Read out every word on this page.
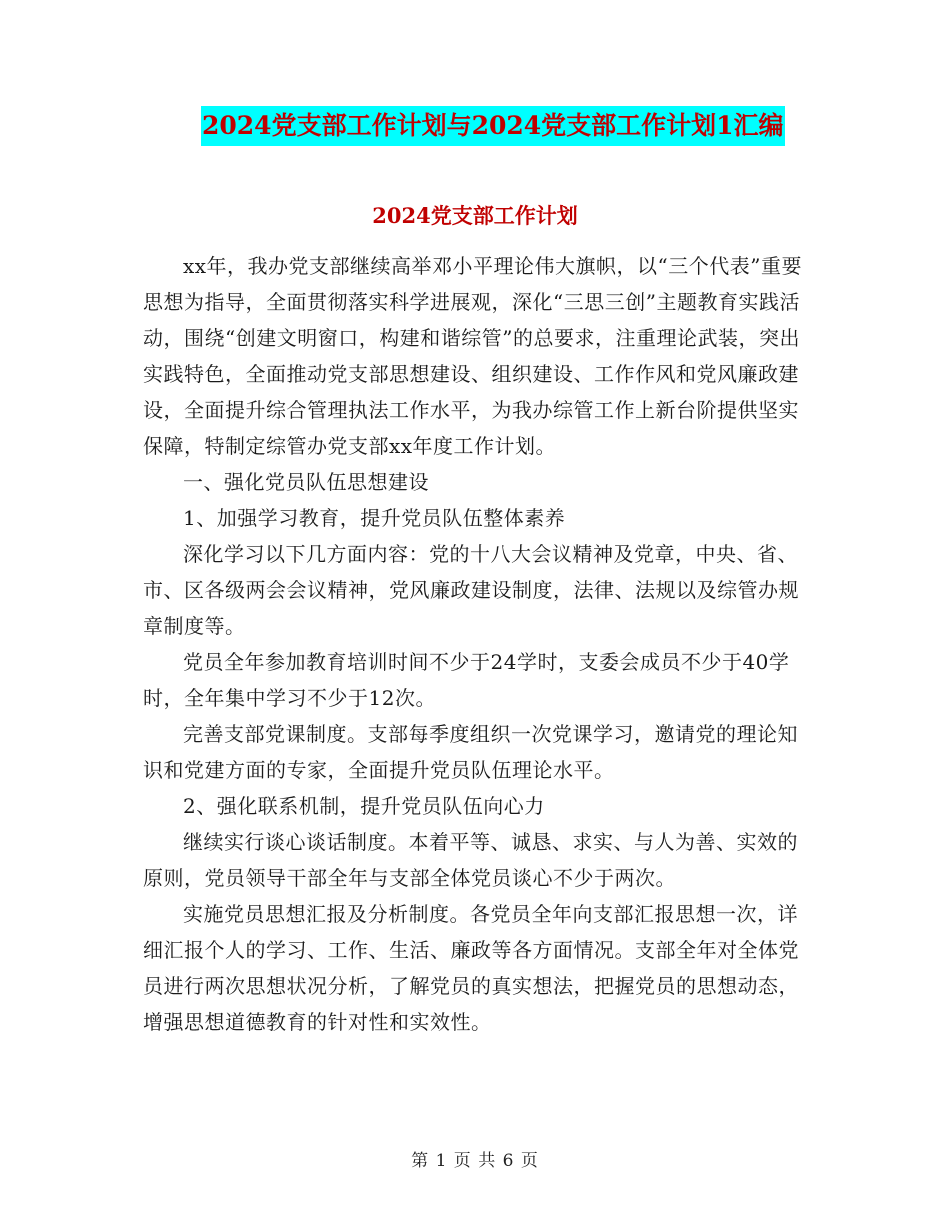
2024党支部工作计划与2024党支部工作计划1汇编
2024党支部工作计划

xx年，我办党支部继续高举邓小平理论伟大旗帜，以“三个代表”重要思想为指导，全面贯彻落实科学进展观，深化“三思三创”主题教育实践活动，围绕“创建文明窗口，构建和谐综管”的总要求，注重理论武装，突出实践特色，全面推动党支部思想建设、组织建设、工作作风和党风廉政建设，全面提升综合管理执法工作水平，为我办综管工作上新台阶提供坚实保障，特制定综管办党支部xx年度工作计划。

一、强化党员队伍思想建设

1、加强学习教育，提升党员队伍整体素养

深化学习以下几方面内容：党的十八大会议精神及党章，中央、省、市、区各级两会会议精神，党风廉政建设制度，法律、法规以及综管办规章制度等。

党员全年参加教育培训时间不少于24学时，支委会成员不少于40学时，全年集中学习不少于12次。

完善支部党课制度。支部每季度组织一次党课学习，邀请党的理论知识和党建方面的专家，全面提升党员队伍理论水平。

2、强化联系机制，提升党员队伍向心力

继续实行谈心谈话制度。本着平等、诚恳、求实、与人为善、实效的原则，党员领导干部全年与支部全体党员谈心不少于两次。

实施党员思想汇报及分析制度。各党员全年向支部汇报思想一次，详细汇报个人的学习、工作、生活、廉政等各方面情况。支部全年对全体党员进行两次思想状况分析，了解党员的真实想法，把握党员的思想动态，增强思想道德教育的针对性和实效性。

第 1 页 共 6 页
